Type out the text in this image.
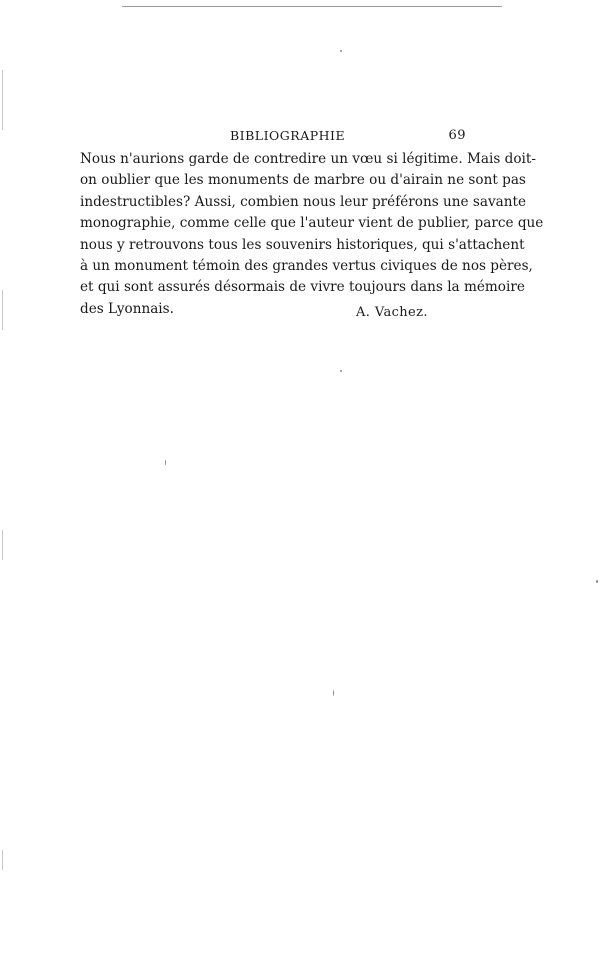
BIBLIOGRAPHIE	69
Nous n'aurions garde de contredire un vœu si légitime. Mais doit-
on oublier que les monuments de marbre ou d'airain ne sont pas
indestructibles? Aussi, combien nous leur préférons une savante
monographie, comme celle que l'auteur vient de publier, parce que
nous y retrouvons tous les souvenirs historiques, qui s'attachent
à un monument témoin des grandes vertus civiques de nos pères,
et qui sont assurés désormais de vivre toujours dans la mémoire
des Lyonnais.	A. Vachez.
